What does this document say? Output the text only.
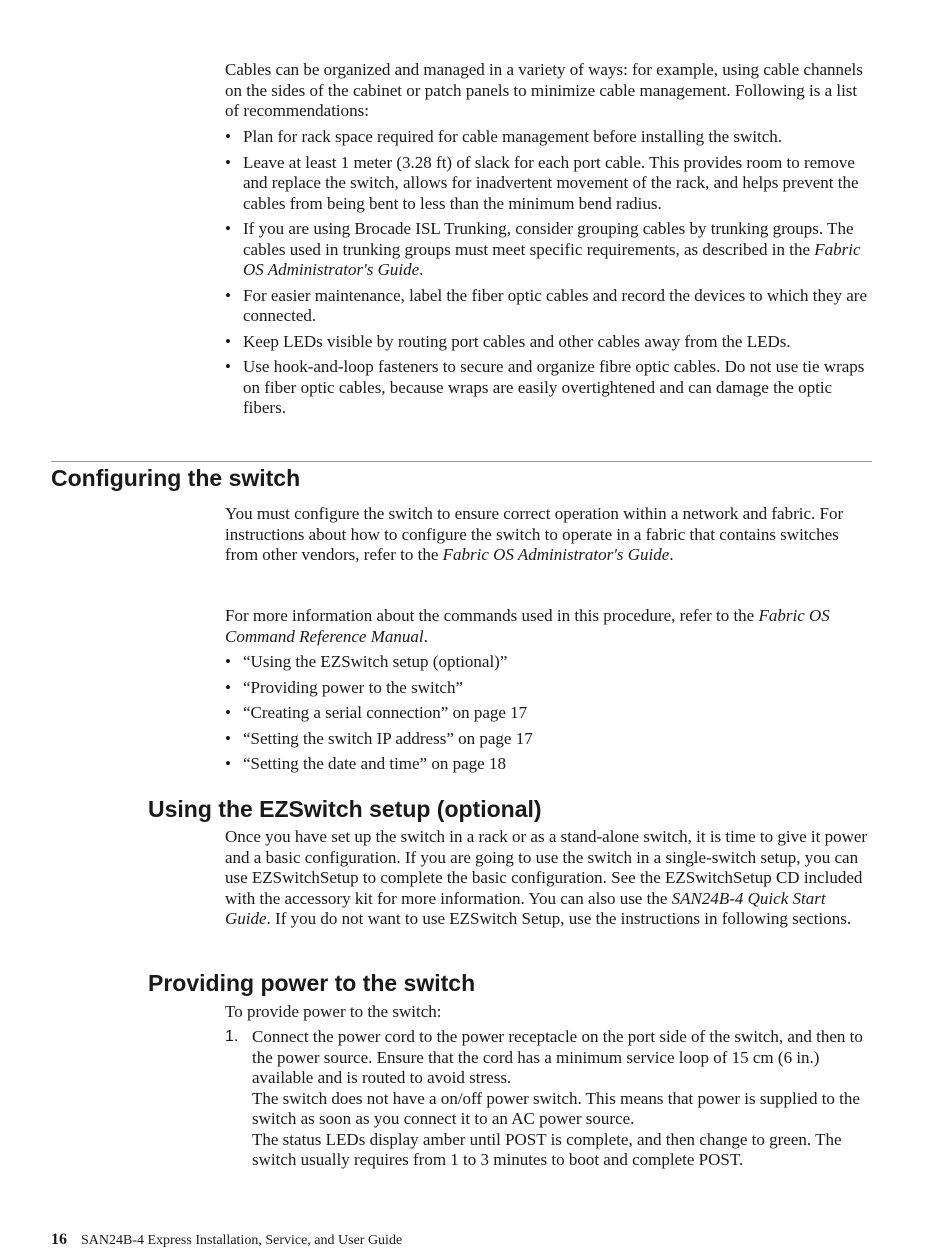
Cables can be organized and managed in a variety of ways: for example, using cable channels on the sides of the cabinet or patch panels to minimize cable management. Following is a list of recommendations:

• Plan for rack space required for cable management before installing the switch.
• Leave at least 1 meter (3.28 ft) of slack for each port cable. This provides room to remove and replace the switch, allows for inadvertent movement of the rack, and helps prevent the cables from being bent to less than the minimum bend radius.
• If you are using Brocade ISL Trunking, consider grouping cables by trunking groups. The cables used in trunking groups must meet specific requirements, as described in the Fabric OS Administrator's Guide.
• For easier maintenance, label the fiber optic cables and record the devices to which they are connected.
• Keep LEDs visible by routing port cables and other cables away from the LEDs.
• Use hook-and-loop fasteners to secure and organize fibre optic cables. Do not use tie wraps on fiber optic cables, because wraps are easily overtightened and can damage the optic fibers.
Configuring the switch

You must configure the switch to ensure correct operation within a network and fabric. For instructions about how to configure the switch to operate in a fabric that contains switches from other vendors, refer to the Fabric OS Administrator's Guide.

For more information about the commands used in this procedure, refer to the Fabric OS Command Reference Manual.

• “Using the EZSwitch setup (optional)”
• “Providing power to the switch”
• “Creating a serial connection” on page 17
• “Setting the switch IP address” on page 17
• “Setting the date and time” on page 18
Using the EZSwitch setup (optional)

Once you have set up the switch in a rack or as a stand-alone switch, it is time to give it power and a basic configuration. If you are going to use the switch in a single-switch setup, you can use EZSwitchSetup to complete the basic configuration. See the EZSwitchSetup CD included with the accessory kit for more information. You can also use the SAN24B-4 Quick Start Guide. If you do not want to use EZSwitch Setup, use the instructions in following sections.

Providing power to the switch

To provide power to the switch:

1. Connect the power cord to the power receptacle on the port side of the switch, and then to the power source. Ensure that the cord has a minimum service loop of 15 cm (6 in.) available and is routed to avoid stress.
The switch does not have a on/off power switch. This means that power is supplied to the switch as soon as you connect it to an AC power source.
The status LEDs display amber until POST is complete, and then change to green. The switch usually requires from 1 to 3 minutes to boot and complete POST.
16 SAN24B-4 Express Installation, Service, and User Guide
